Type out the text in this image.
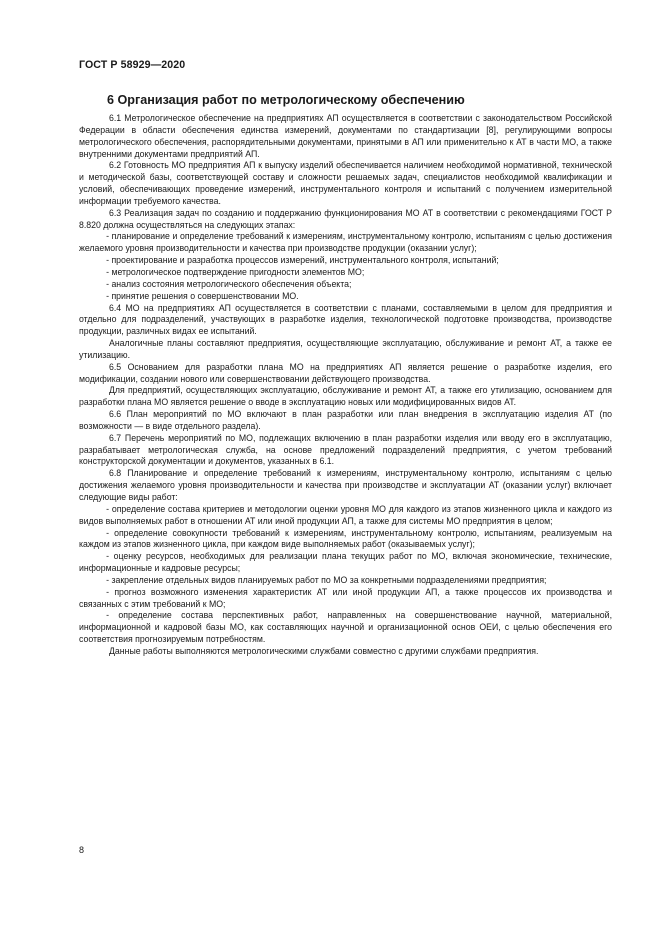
ГОСТ Р 58929—2020
6 Организация работ по метрологическому обеспечению

6.1 Метрологическое обеспечение на предприятиях АП осуществляется в соответствии с законодательством Российской Федерации в области обеспечения единства измерений, документами по стандартизации [8], регулирующими вопросы метрологического обеспечения, распорядительными документами, принятыми в АП или применительно к АТ в части МО, а также внутренними документами предприятий АП.

6.2 Готовность МО предприятия АП к выпуску изделий обеспечивается наличием необходимой нормативной, технической и методической базы, соответствующей составу и сложности решаемых задач, специалистов необходимой квалификации и условий, обеспечивающих проведение измерений, инструментального контроля и испытаний с получением измерительной информации требуемого качества.

6.3 Реализация задач по созданию и поддержанию функционирования МО АТ в соответствии с рекомендациями ГОСТ Р 8.820 должна осуществляться на следующих этапах:

- планирование и определение требований к измерениям, инструментальному контролю, испытаниям с целью достижения желаемого уровня производительности и качества при производстве продукции (оказании услуг);

- проектирование и разработка процессов измерений, инструментального контроля, испытаний;

- метрологическое подтверждение пригодности элементов МО;

- анализ состояния метрологического обеспечения объекта;

- принятие решения о совершенствовании МО.

6.4 МО на предприятиях АП осуществляется в соответствии с планами, составляемыми в целом для предприятия и отдельно для подразделений, участвующих в разработке изделия, технологической подготовке производства, производстве продукции, различных видах ее испытаний.

Аналогичные планы составляют предприятия, осуществляющие эксплуатацию, обслуживание и ремонт АТ, а также ее утилизацию.

6.5 Основанием для разработки плана МО на предприятиях АП является решение о разработке изделия, его модификации, создании нового или совершенствовании действующего производства.

Для предприятий, осуществляющих эксплуатацию, обслуживание и ремонт АТ, а также его утилизацию, основанием для разработки плана МО является решение о вводе в эксплуатацию новых или модифицированных видов АТ.

6.6 План мероприятий по МО включают в план разработки или план внедрения в эксплуатацию изделия АТ (по возможности — в виде отдельного раздела).

6.7 Перечень мероприятий по МО, подлежащих включению в план разработки изделия или вводу его в эксплуатацию, разрабатывает метрологическая служба, на основе предложений подразделений предприятия, с учетом требований конструкторской документации и документов, указанных в 6.1.

6.8 Планирование и определение требований к измерениям, инструментальному контролю, испытаниям с целью достижения желаемого уровня производительности и качества при производстве и эксплуатации АТ (оказании услуг) включает следующие виды работ:

- определение состава критериев и методологии оценки уровня МО для каждого из этапов жизненного цикла и каждого из видов выполняемых работ в отношении АТ или иной продукции АП, а также для системы МО предприятия в целом;

- определение совокупности требований к измерениям, инструментальному контролю, испытаниям, реализуемым на каждом из этапов жизненного цикла, при каждом виде выполняемых работ (оказываемых услуг);

- оценку ресурсов, необходимых для реализации плана текущих работ по МО, включая экономические, технические, информационные и кадровые ресурсы;

- закрепление отдельных видов планируемых работ по МО за конкретными подразделениями предприятия;

- прогноз возможного изменения характеристик АТ или иной продукции АП, а также процессов их производства и связанных с этим требований к МО;

- определение состава перспективных работ, направленных на совершенствование научной, материальной, информационной и кадровой базы МО, как составляющих научной и организационной основ ОЕИ, с целью обеспечения его соответствия прогнозируемым потребностям.

Данные работы выполняются метрологическими службами совместно с другими службами предприятия.

8
